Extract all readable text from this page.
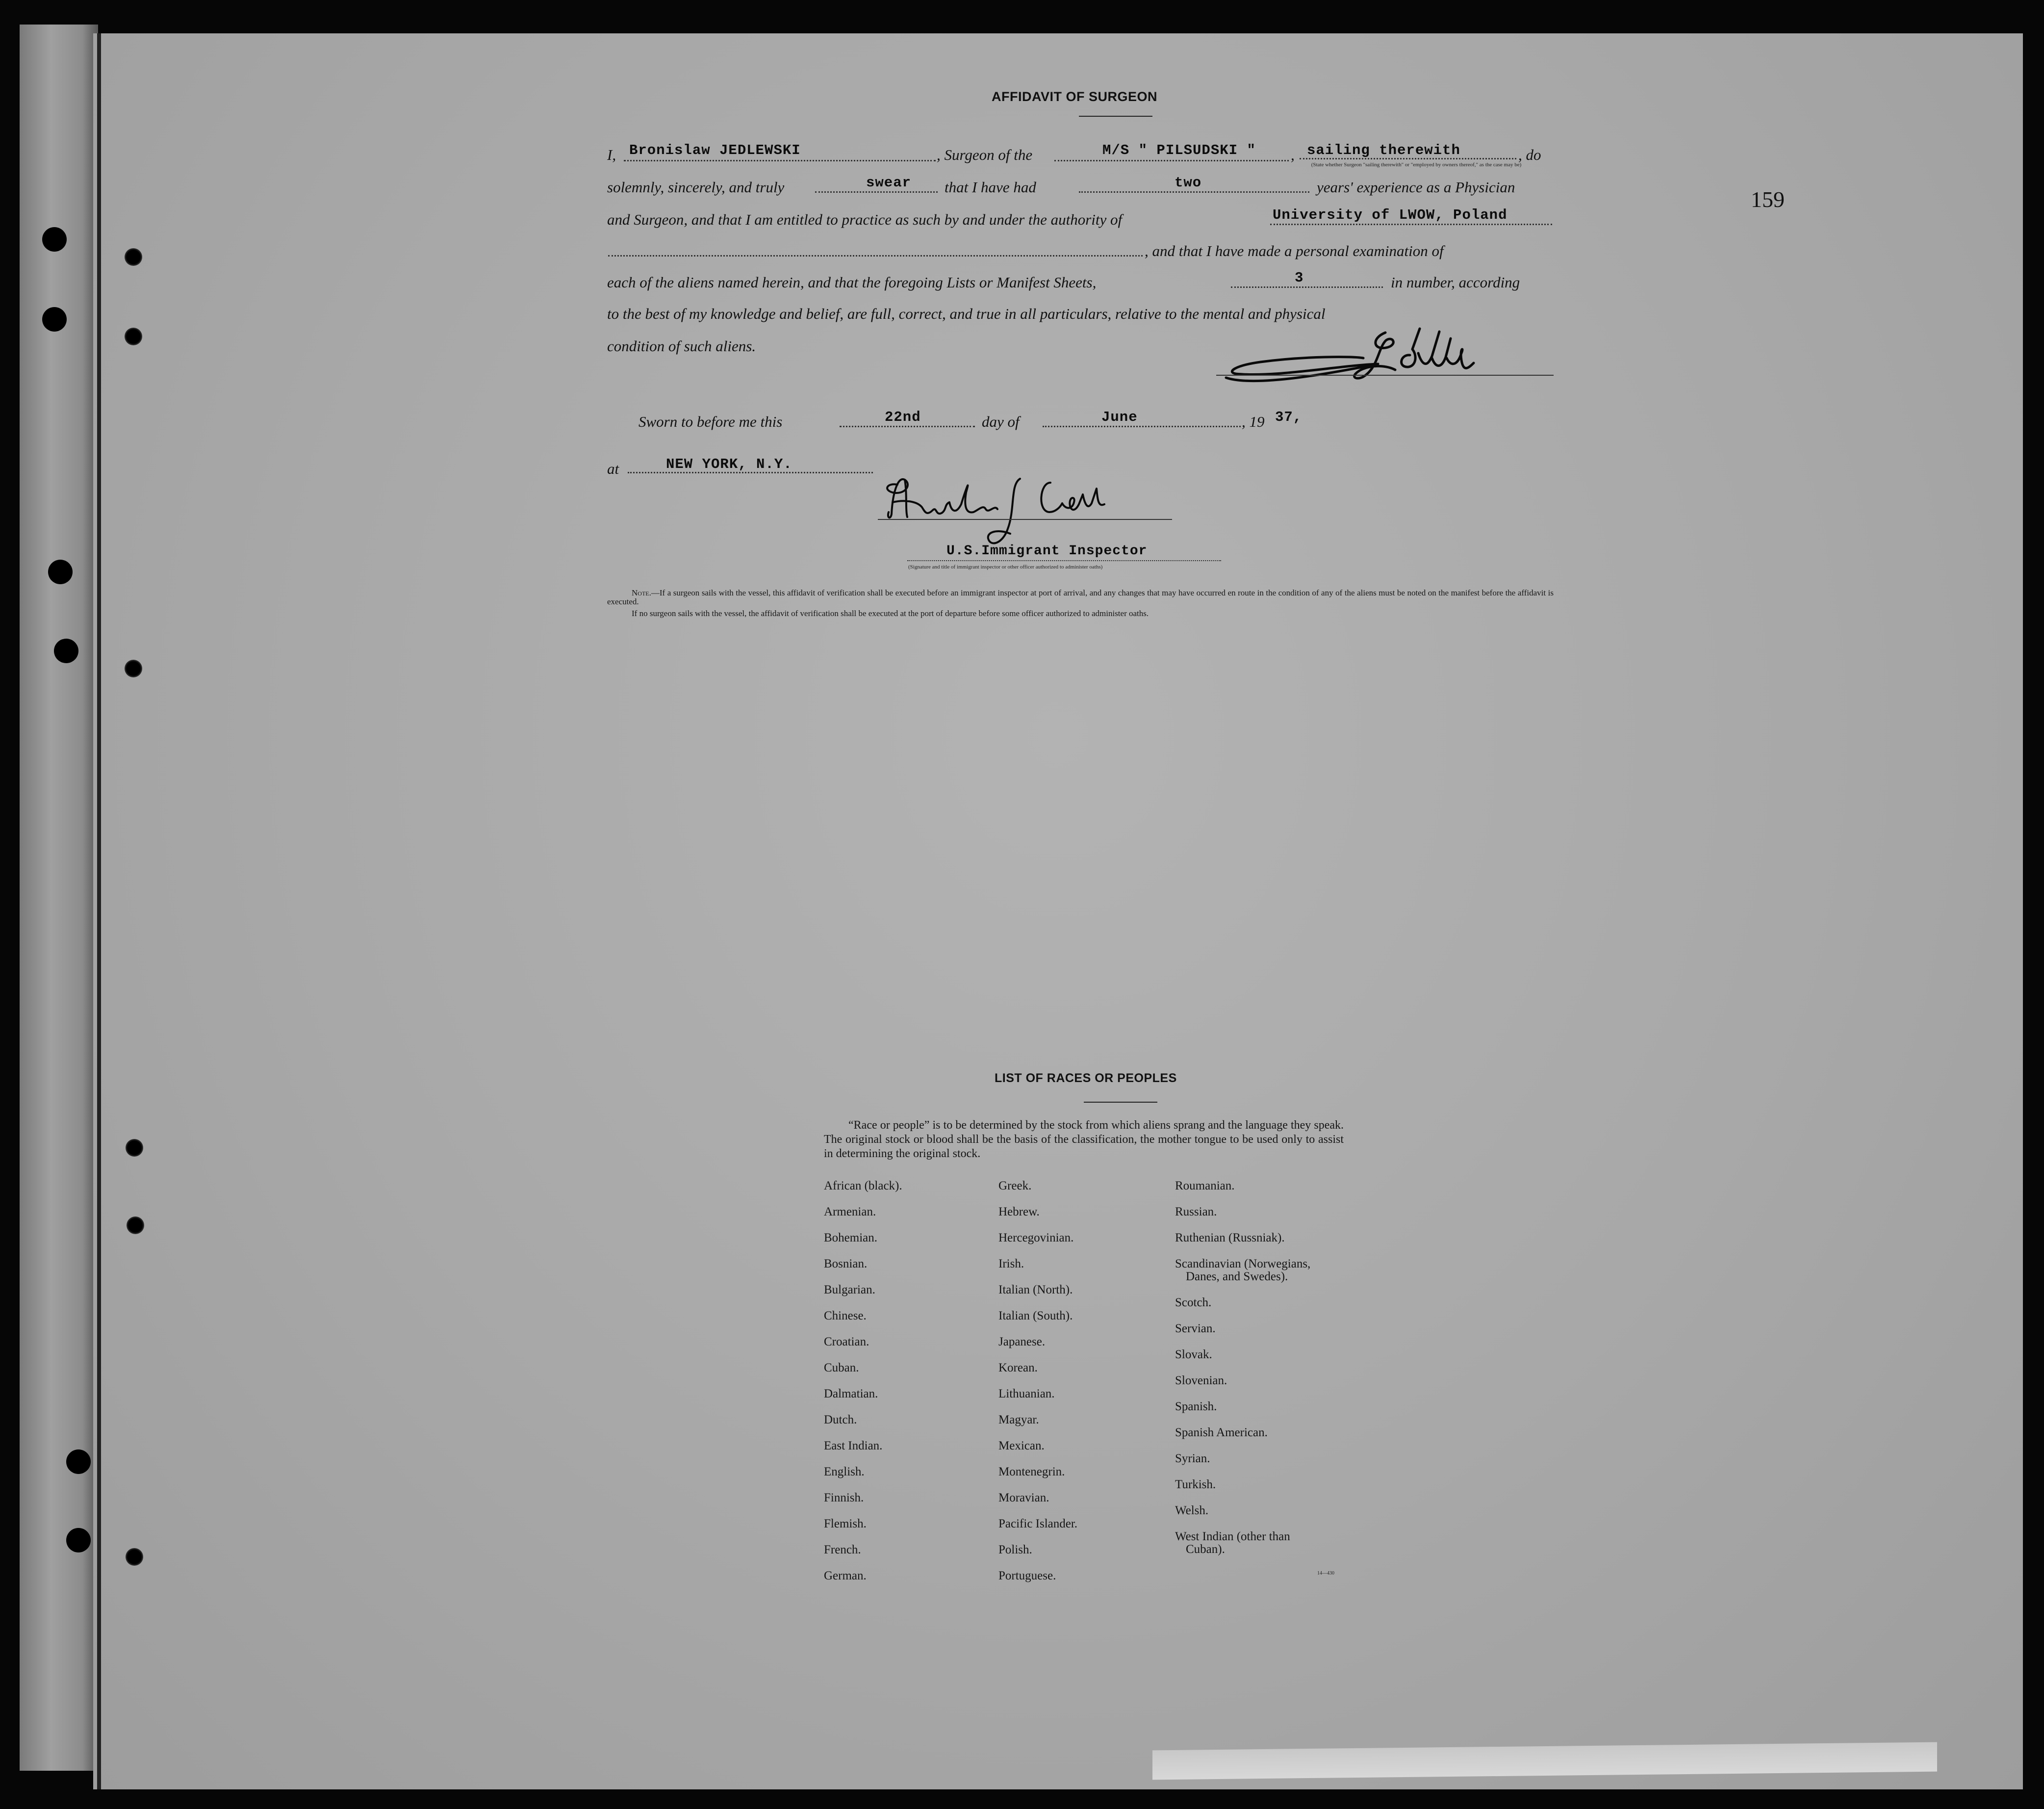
159
AFFIDAVIT OF SURGEON
I, Bronislaw JEDLEWSKI	, Surgeon of the	M/S " PILSUDSKI " , sailing therewith	, do
(State whether Surgeon "sailing therewith" or "employed by owners thereof," as the case may be)
solemnly, sincerely, and truly	swear that I have had	two	years' experience as a Physician
and Surgeon, and that I am entitled to practice as such by and under the authority of	University of LWOW, Poland
, and that I have made a personal examination of
each of the aliens named herein, and that the foregoing Lists or Manifest Sheets,	3	in number, according
to the best of my knowledge and belief, are full, correct, and true in all particulars, relative to the mental and physical
condition of such aliens.
Sworn to before me this	22nd	day of	June	, 19 37,
at	NEW YORK, N.Y.
U.S.Immigrant Inspector
(Signature and title of immigrant inspector or other officer authorized to administer oaths)
Note.—If a surgeon sails with the vessel, this affidavit of verification shall be executed before an immigrant inspector at port of arrival, and any changes that may have occurred en route in the condition of any of the aliens must be noted on the manifest before the affidavit is executed.
If no surgeon sails with the vessel, the affidavit of verification shall be executed at the port of departure before some officer authorized to administer oaths.
LIST OF RACES OR PEOPLES
“Race or people” is to be determined by the stock from which aliens sprang and the language they speak. The original stock or blood shall be the basis of the classification, the mother tongue to be used only to assist in determining the original stock.
African (black).
Armenian.
Bohemian.
Bosnian.
Bulgarian.
Chinese.
Croatian.
Cuban.
Dalmatian.
Dutch.
East Indian.
English.
Finnish.
Flemish.
French.
German.
Greek.
Hebrew.
Hercegovinian.
Irish.
Italian (North).
Italian (South).
Japanese.
Korean.
Lithuanian.
Magyar.
Mexican.
Montenegrin.
Moravian.
Pacific Islander.
Polish.
Portuguese.
Roumanian.
Russian.
Ruthenian (Russniak).
Scandinavian (Norwegians,
Danes, and Swedes).
Scotch.
Servian.
Slovak.
Slovenian.
Spanish.
Spanish American.
Syrian.
Turkish.
Welsh.
West Indian (other than
Cuban).
14—430
